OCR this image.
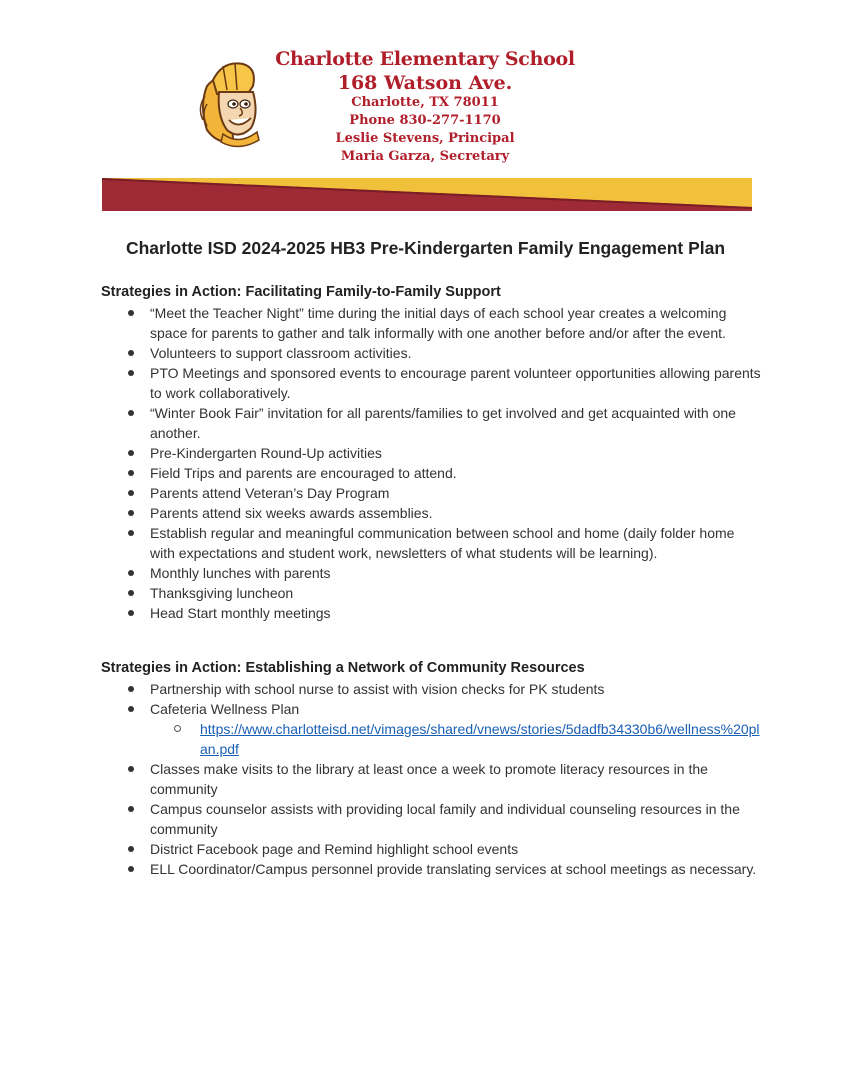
Charlotte Elementary School
168 Watson Ave.
Charlotte, TX 78011
Phone 830-277-1170
Leslie Stevens, Principal
Maria Garza, Secretary
Charlotte ISD 2024-2025 HB3 Pre-Kindergarten Family Engagement Plan
Strategies in Action: Facilitating Family-to-Family Support
“Meet the Teacher Night” time during the initial days of each school year creates a welcoming space for parents to gather and talk informally with one another before and/or after the event.
Volunteers to support classroom activities.
PTO Meetings and sponsored events to encourage parent volunteer opportunities allowing parents to work collaboratively.
“Winter Book Fair” invitation for all parents/families to get involved and get acquainted with one another.
Pre-Kindergarten Round-Up activities
Field Trips and parents are encouraged to attend.
Parents attend Veteran’s Day Program
Parents attend six weeks awards assemblies.
Establish regular and meaningful communication between school and home (daily folder home with expectations and student work, newsletters of what students will be learning).
Monthly lunches with parents
Thanksgiving luncheon
Head Start monthly meetings
Strategies in Action: Establishing a Network of Community Resources
Partnership with school nurse to assist with vision checks for PK students
Cafeteria Wellness Plan
https://www.charlotteisd.net/vimages/shared/vnews/stories/5dadfb34330b6/wellness%20plan.pdf
Classes make visits to the library at least once a week to promote literacy resources in the community
Campus counselor assists with providing local family and individual counseling resources in the community
District Facebook page and Remind highlight school events
ELL Coordinator/Campus personnel provide translating services at school meetings as necessary.
